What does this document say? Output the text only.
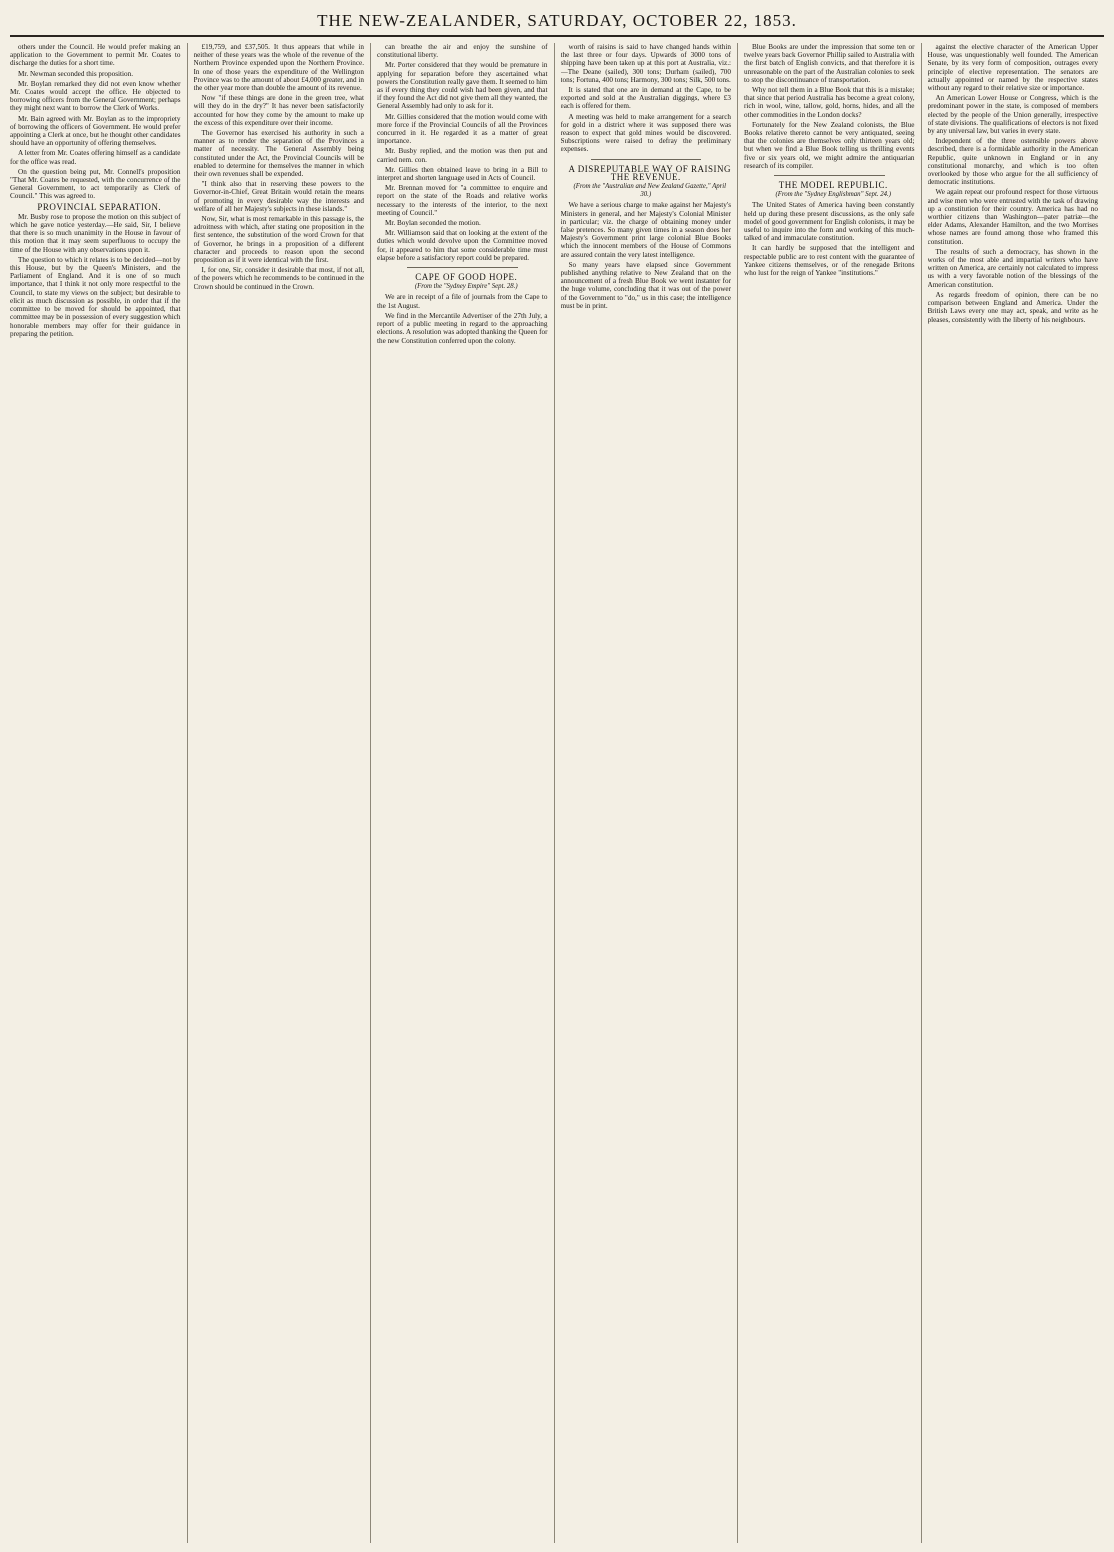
THE NEW-ZEALANDER, SATURDAY, OCTOBER 22, 1853.

others under the Council. He would prefer making an application to the Government to permit Mr. Coates to discharge the duties for a short time.

Mr. Newman seconded this proposition.

Mr. Boylan remarked they did not even know whether Mr. Coates would accept the office. He objected to borrowing officers from the General Government; perhaps they might next want to borrow the Clerk of Works.

Mr. Bain agreed with Mr. Boylan as to the impropriety of borrowing the officers of Government. He would prefer appointing a Clerk at once, but he thought other candidates should have an opportunity of offering themselves.

A letter from Mr. Coates offering himself as a candidate for the office was read.

On the question being put, Mr. Connell's proposition "That Mr. Coates be requested, with the concurrence of the General Government, to act temporarily as Clerk of Council." This was agreed to.

PROVINCIAL SEPARATION.

Mr. Busby rose to propose the motion on this subject of which he gave notice yesterday.—He said, Sir, I believe that there is so much unanimity in the House in favour of this motion that it may seem superfluous to occupy the time of the House with any observations upon it.

The question to which it relates is to be decided—not by this House, but by the Queen's Ministers, and the Parliament of England. And it is one of so much importance, that I think it not only more respectful to the Council, to state my views on the subject; but desirable to elicit as much discussion as possible, in order that if the committee to be moved for should be appointed, that committee may be in possession of every suggestion which honorable members may offer for their guidance in preparing the petition.

£19,759, and £37,505. It thus appears that while in neither of these years was the whole of the revenue of the Northern Province expended upon the Northern Province. In one of those years the expenditure of the Wellington Province was to the amount of about £4,000 greater, and in the other year more than double the amount of its revenue.

Now "if these things are done in the green tree, what will they do in the dry?" It has never been satisfactorily accounted for how they come by the amount to make up the excess of this expenditure over their income.

The Governor has exercised his authority in such a manner as to render the separation of the Provinces a matter of necessity. The General Assembly being constituted under the Act, the Provincial Councils will be enabled to determine for themselves the manner in which their own revenues shall be expended.

"I think also that in reserving these powers to the Governor-in-Chief, Great Britain would retain the means of promoting in every desirable way the interests and welfare of all her Majesty's subjects in these islands."

Now, Sir, what is most remarkable in this passage is, the adroitness with which, after stating one proposition in the first sentence, the substitution of the word Crown for that of Governor, he brings in a proposition of a different character and proceeds to reason upon the second proposition as if it were identical with the first.

I, for one, Sir, consider it desirable that most, if not all, of the powers which he recommends to be continued in the Crown should be continued in the Crown.

can breathe the air and enjoy the sunshine of constitutional liberty.

Mr. Porter considered that they would be premature in applying for separation before they ascertained what powers the Constitution really gave them. It seemed to him as if every thing they could wish had been given, and that if they found the Act did not give them all they wanted, the General Assembly had only to ask for it.

Mr. Gillies considered that the motion would come with more force if the Provincial Councils of all the Provinces concurred in it. He regarded it as a matter of great importance.

Mr. Busby replied, and the motion was then put and carried nem. con.

Mr. Gillies then obtained leave to bring in a Bill to interpret and shorten language used in Acts of Council.

Mr. Brennan moved for "a committee to enquire and report on the state of the Roads and relative works necessary to the interests of the interior, to the next meeting of Council."

Mr. Boylan seconded the motion.

Mr. Williamson said that on looking at the extent of the duties which would devolve upon the Committee moved for, it appeared to him that some considerable time must elapse before a satisfactory report could be prepared.

CAPE OF GOOD HOPE.

(From the "Sydney Empire" Sept. 28.)

We are in receipt of a file of journals from the Cape to the 1st August.

We find in the Mercantile Advertiser of the 27th July, a report of a public meeting in regard to the approaching elections. A resolution was adopted thanking the Queen for the new Constitution conferred upon the colony.

worth of raisins is said to have changed hands within the last three or four days. Upwards of 3000 tons of shipping have been taken up at this port at Australia, viz.:—The Deane (sailed), 300 tons; Durham (sailed), 700 tons; Fortuna, 400 tons; Harmony, 300 tons; Silk, 500 tons.

It is stated that one are in demand at the Cape, to be exported and sold at the Australian diggings, where £3 each is offered for them.

A meeting was held to make arrangement for a search for gold in a district where it was supposed there was reason to expect that gold mines would be discovered. Subscriptions were raised to defray the preliminary expenses.

A DISREPUTABLE WAY OF RAISING THE REVENUE.

(From the "Australian and New Zealand Gazette," April 30.)

We have a serious charge to make against her Majesty's Ministers in general, and her Majesty's Colonial Minister in particular; viz. the charge of obtaining money under false pretences. So many given times in a season does her Majesty's Government print large colonial Blue Books which the innocent members of the House of Commons are assured contain the very latest intelligence.

So many years have elapsed since Government published anything relative to New Zealand that on the announcement of a fresh Blue Book we went instanter for the huge volume, concluding that it was out of the power of the Government to "do," us in this case; the intelligence must be in print.

Blue Books are under the impression that some ten or twelve years back Governor Phillip sailed to Australia with the first batch of English convicts, and that therefore it is unreasonable on the part of the Australian colonies to seek to stop the discontinuance of transportation.

Why not tell them in a Blue Book that this is a mistake; that since that period Australia has become a great colony, rich in wool, wine, tallow, gold, horns, hides, and all the other commodities in the London docks?

Fortunately for the New Zealand colonists, the Blue Books relative thereto cannot be very antiquated, seeing that the colonies are themselves only thirteen years old; but when we find a Blue Book telling us thrilling events five or six years old, we might admire the antiquarian research of its compiler.

THE MODEL REPUBLIC.

(From the "Sydney Englishman" Sept. 24.)

The United States of America having been constantly held up during these present discussions, as the only safe model of good government for English colonists, it may be useful to inquire into the form and working of this much-talked of and immaculate constitution.

It can hardly be supposed that the intelligent and respectable public are to rest content with the guarantee of Yankee citizens themselves, or of the renegade Britons who lust for the reign of Yankee "institutions."

against the elective character of the American Upper House, was unquestionably well founded. The American Senate, by its very form of composition, outrages every principle of elective representation. The senators are actually appointed or named by the respective states without any regard to their relative size or importance.

An American Lower House or Congress, which is the predominant power in the state, is composed of members elected by the people of the Union generally, irrespective of state divisions. The qualifications of electors is not fixed by any universal law, but varies in every state.

Independent of the three ostensible powers above described, there is a formidable authority in the American Republic, quite unknown in England or in any constitutional monarchy, and which is too often overlooked by those who argue for the all sufficiency of democratic institutions.

We again repeat our profound respect for those virtuous and wise men who were entrusted with the task of drawing up a constitution for their country. America has had no worthier citizens than Washington—pater patriæ—the elder Adams, Alexander Hamilton, and the two Morrises whose names are found among those who framed this constitution.

The results of such a democracy, has shown in the works of the most able and impartial writers who have written on America, are certainly not calculated to impress us with a very favorable notion of the blessings of the American constitution.

As regards freedom of opinion, there can be no comparison between England and America. Under the British Laws every one may act, speak, and write as he pleases, consistently with the liberty of his neighbours.
